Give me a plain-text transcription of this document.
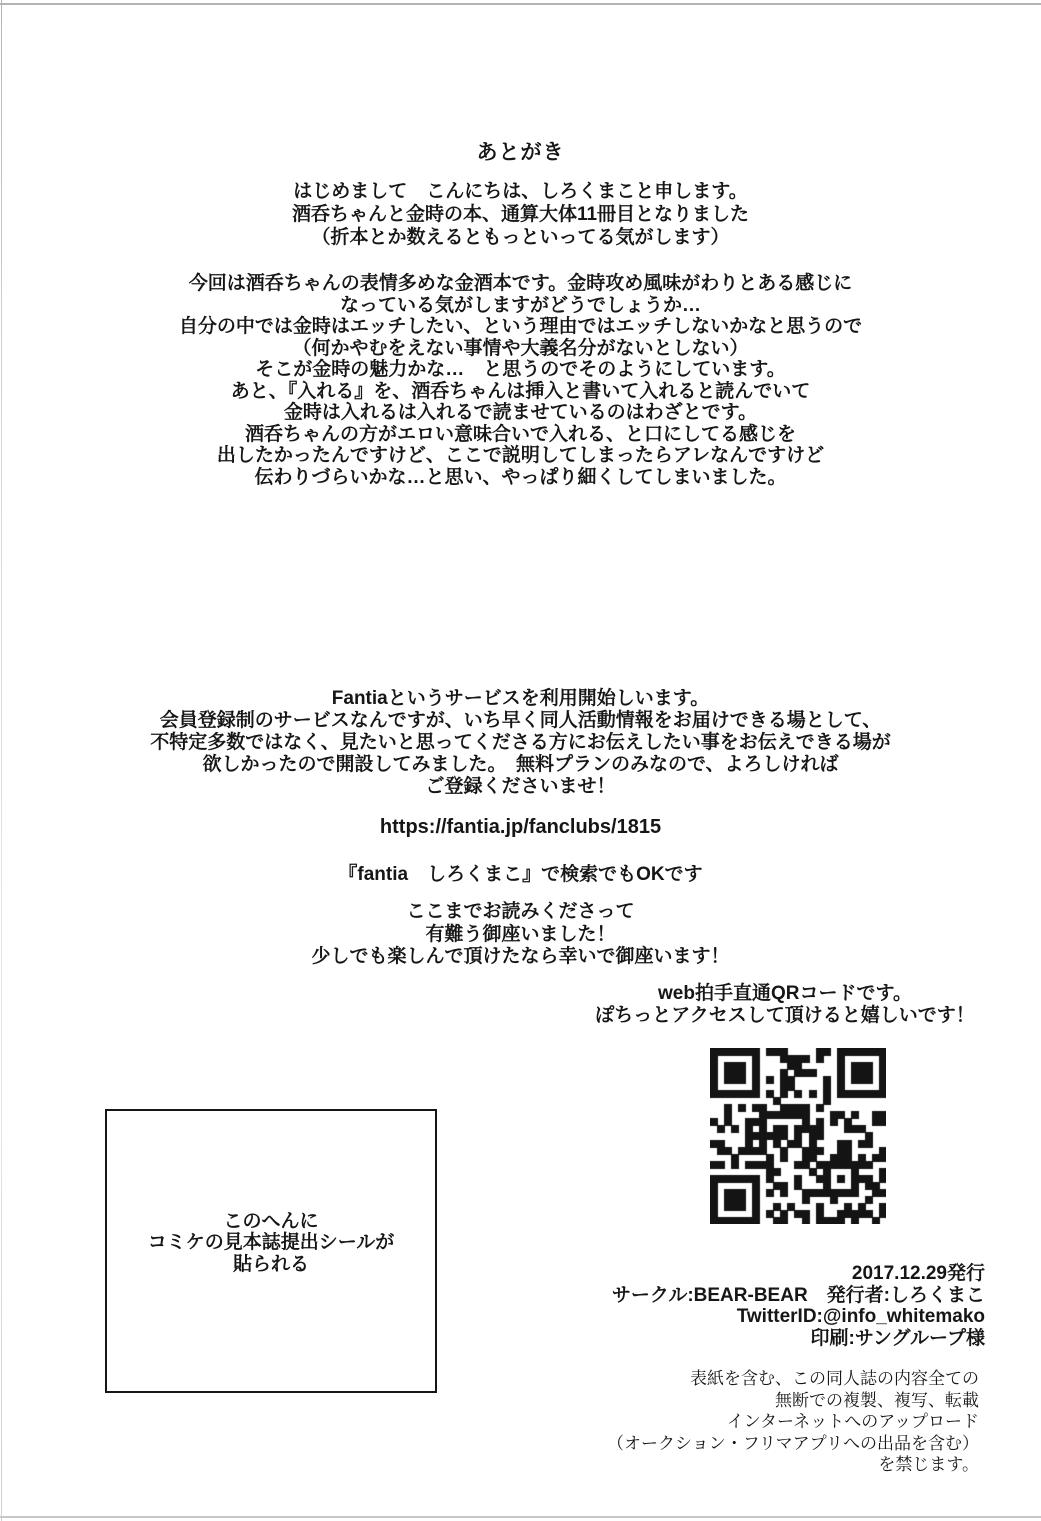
あとがき
はじめまして　こんにちは、しろくまこと申します。
酒呑ちゃんと金時の本、通算大体11冊目となりました
（折本とか数えるともっといってる気がします）
今回は酒呑ちゃんの表情多めな金酒本です。金時攻め風味がわりとある感じに
なっている気がしますがどうでしょうか…
自分の中では金時はエッチしたい、という理由ではエッチしないかなと思うので
（何かやむをえない事情や大義名分がないとしない）
そこが金時の魅力かな…　と思うのでそのようにしています。
あと、『入れる』を、酒呑ちゃんは挿入と書いて入れると読んでいて
金時は入れるは入れるで読ませているのはわざとです。
酒呑ちゃんの方がエロい意味合いで入れる、と口にしてる感じを
出したかったんですけど、ここで説明してしまったらアレなんですけど
伝わりづらいかな…と思い、やっぱり細くしてしまいました。
Fantiaというサービスを利用開始しいます。
会員登録制のサービスなんですが、いち早く同人活動情報をお届けできる場として、
不特定多数ではなく、見たいと思ってくださる方にお伝えしたい事をお伝えできる場が
欲しかったので開設してみました。　無料プランのみなので、よろしければ
ご登録くださいませ！
https://fantia.jp/fanclubs/1815
『fantia　しろくまこ』で検索でもOKです
ここまでお読みくださって
有難う御座いました！
少しでも楽しんで頂けたなら幸いで御座います！
web拍手直通QRコードです。
ぽちっとアクセスして頂けると嬉しいです！
このへんに
コミケの見本誌提出シールが
貼られる	2017.12.29発行
サークル:BEAR-BEAR　発行者:しろくまこ
TwitterID:@info_whitemako
印刷:サングループ様
表紙を含む、この同人誌の内容全ての
無断での複製、複写、転載
インターネットへのアップロード
（オークション・フリマアプリへの出品を含む）
を禁じます。
